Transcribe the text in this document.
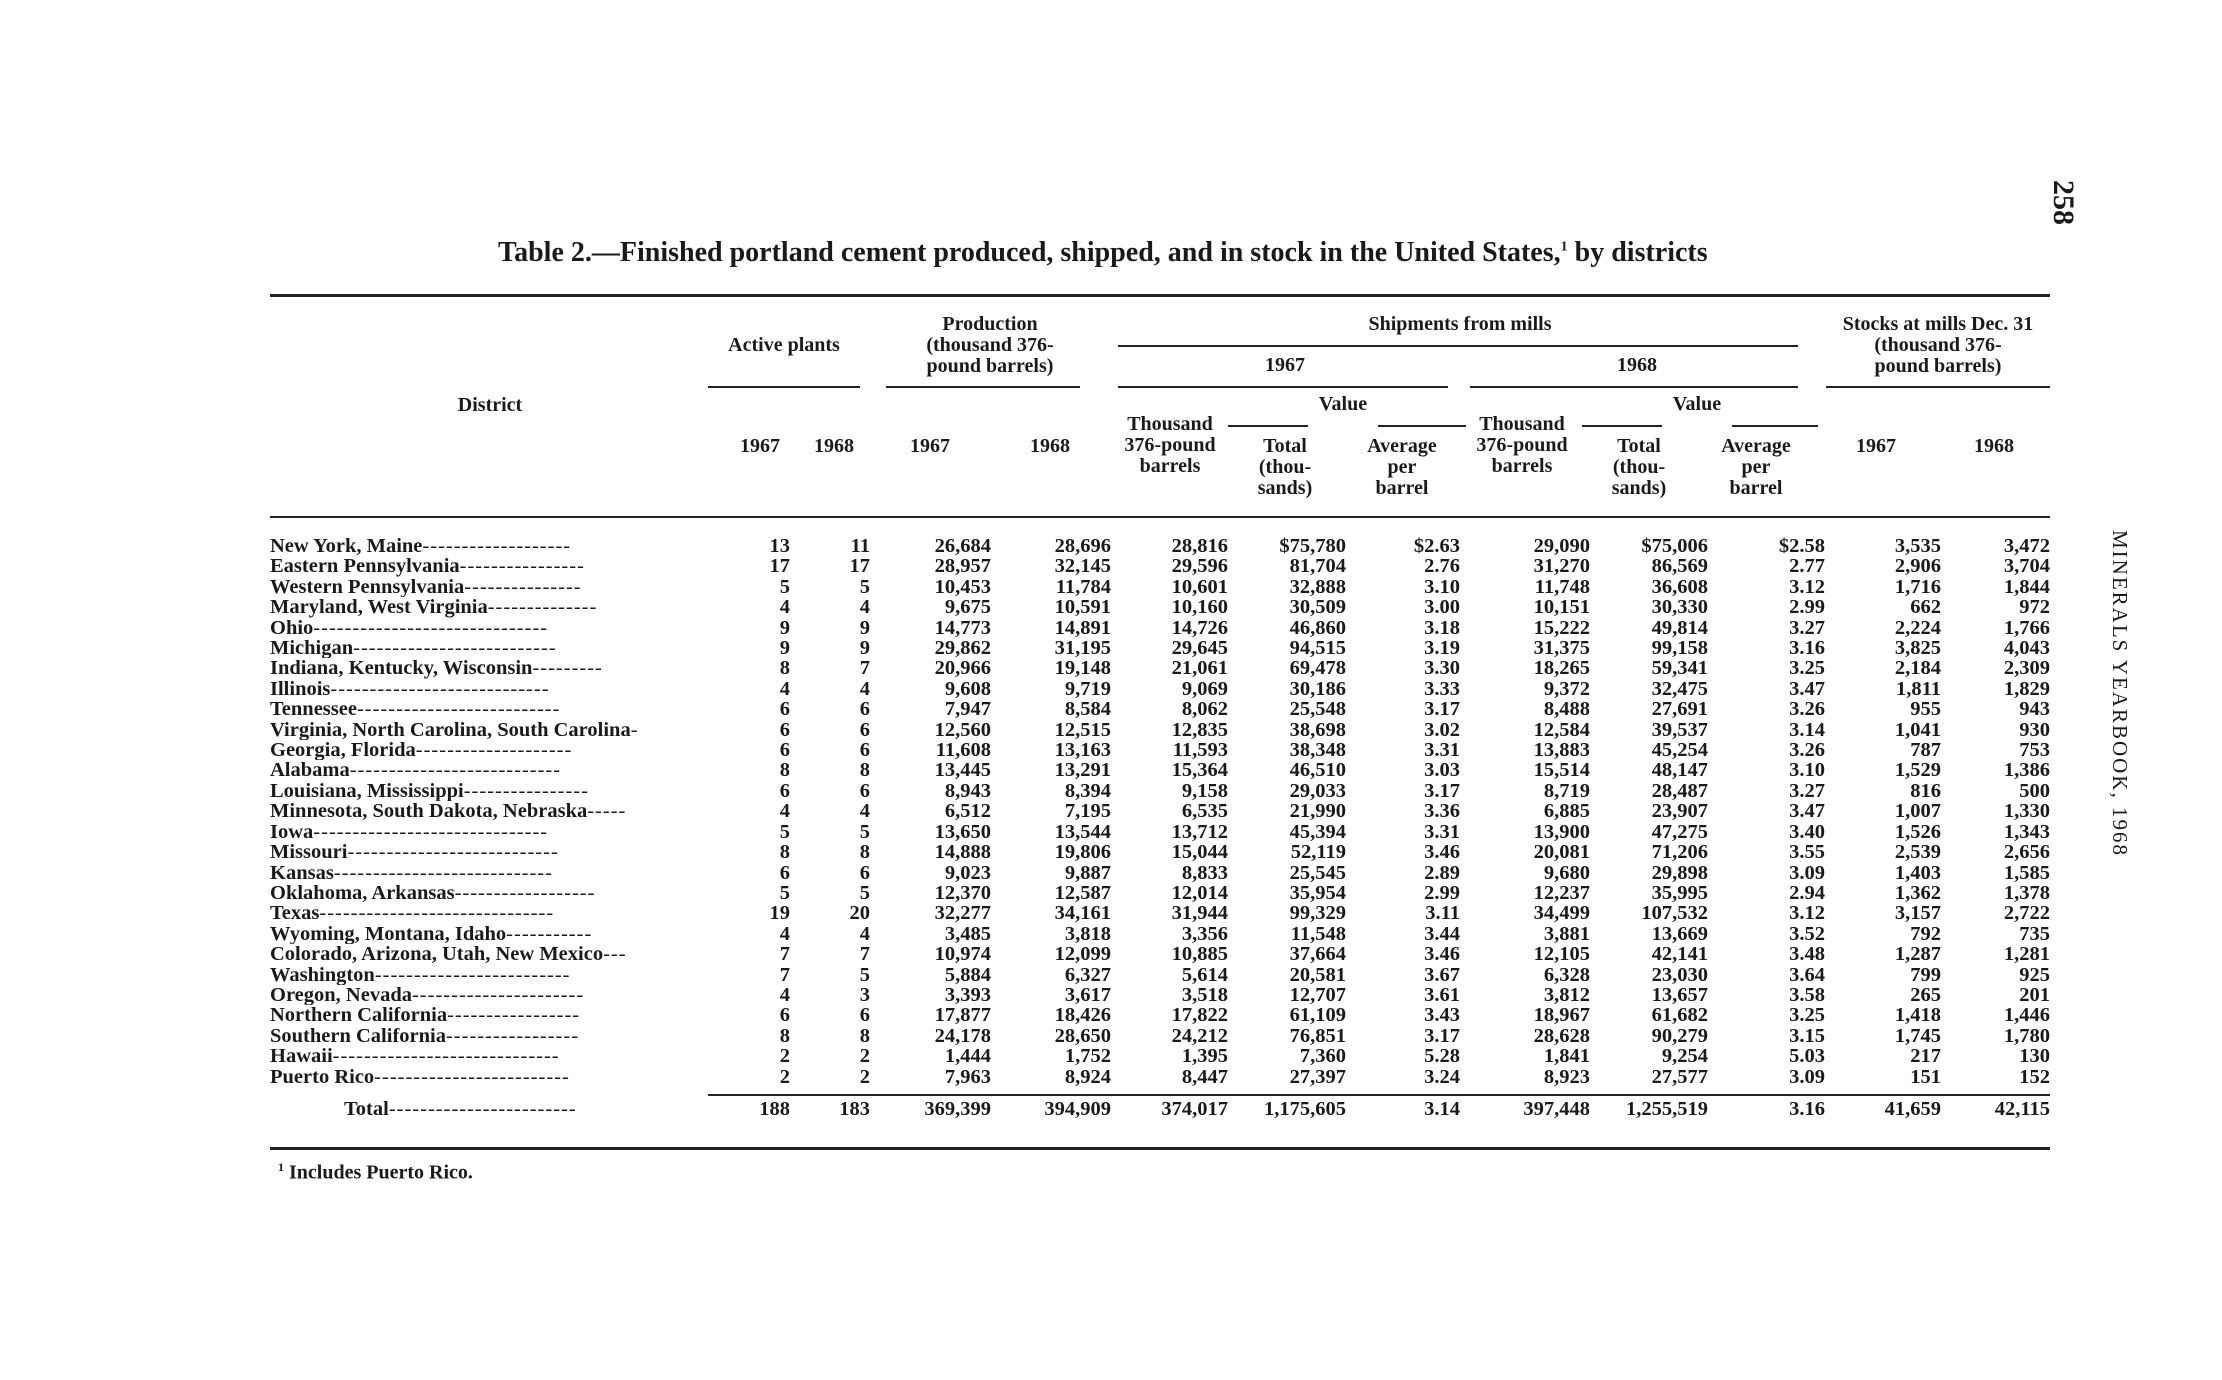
258
MINERALS YEARBOOK, 1968
Table 2.—Finished portland cement produced, shipped, and in stock in the United States,$^1$ by districts
District
Active plants
Production
(thousand 376-
pound barrels)
Shipments from mills
1967	1968
Stocks at mills Dec. 31
(thousand 376-
pound barrels)
Value	Value
1967	1968	1967	1968
Thousand
376-pound
barrels
Total
(thou-
sands)
Average
per
barrel
Thousand
376-pound
barrels
Total
(thou-
sands)
Average
per
barrel
1967	1968
New York, Maine-------------------	13	11	26,684	28,696	28,816	$75,780	$2.63	29,090	$75,006	$2.58	3,535	3,472
Eastern Pennsylvania----------------	17	17	28,957	32,145	29,596	81,704	2.76	31,270	86,569	2.77	2,906	3,704
Western Pennsylvania---------------	5	5	10,453	11,784	10,601	32,888	3.10	11,748	36,608	3.12	1,716	1,844
Maryland, West Virginia--------------	4	4	9,675	10,591	10,160	30,509	3.00	10,151	30,330	2.99	662	972
Ohio------------------------------	9	9	14,773	14,891	14,726	46,860	3.18	15,222	49,814	3.27	2,224	1,766
Michigan--------------------------	9	9	29,862	31,195	29,645	94,515	3.19	31,375	99,158	3.16	3,825	4,043
Indiana, Kentucky, Wisconsin---------	8	7	20,966	19,148	21,061	69,478	3.30	18,265	59,341	3.25	2,184	2,309
Illinois----------------------------	4	4	9,608	9,719	9,069	30,186	3.33	9,372	32,475	3.47	1,811	1,829
Tennessee--------------------------	6	6	7,947	8,584	8,062	25,548	3.17	8,488	27,691	3.26	955	943
Virginia, North Carolina, South Carolina-	6	6	12,560	12,515	12,835	38,698	3.02	12,584	39,537	3.14	1,041	930
Georgia, Florida--------------------	6	6	11,608	13,163	11,593	38,348	3.31	13,883	45,254	3.26	787	753
Alabama---------------------------	8	8	13,445	13,291	15,364	46,510	3.03	15,514	48,147	3.10	1,529	1,386
Louisiana, Mississippi----------------	6	6	8,943	8,394	9,158	29,033	3.17	8,719	28,487	3.27	816	500
Minnesota, South Dakota, Nebraska-----	4	4	6,512	7,195	6,535	21,990	3.36	6,885	23,907	3.47	1,007	1,330
Iowa------------------------------	5	5	13,650	13,544	13,712	45,394	3.31	13,900	47,275	3.40	1,526	1,343
Missouri---------------------------	8	8	14,888	19,806	15,044	52,119	3.46	20,081	71,206	3.55	2,539	2,656
Kansas----------------------------	6	6	9,023	9,887	8,833	25,545	2.89	9,680	29,898	3.09	1,403	1,585
Oklahoma, Arkansas------------------	5	5	12,370	12,587	12,014	35,954	2.99	12,237	35,995	2.94	1,362	1,378
Texas------------------------------	19	20	32,277	34,161	31,944	99,329	3.11	34,499	107,532	3.12	3,157	2,722
Wyoming, Montana, Idaho-----------	4	4	3,485	3,818	3,356	11,548	3.44	3,881	13,669	3.52	792	735
Colorado, Arizona, Utah, New Mexico---	7	7	10,974	12,099	10,885	37,664	3.46	12,105	42,141	3.48	1,287	1,281
Washington-------------------------	7	5	5,884	6,327	5,614	20,581	3.67	6,328	23,030	3.64	799	925
Oregon, Nevada----------------------	4	3	3,393	3,617	3,518	12,707	3.61	3,812	13,657	3.58	265	201
Northern California-----------------	6	6	17,877	18,426	17,822	61,109	3.43	18,967	61,682	3.25	1,418	1,446
Southern California-----------------	8	8	24,178	28,650	24,212	76,851	3.17	28,628	90,279	3.15	1,745	1,780
Hawaii-----------------------------	2	2	1,444	1,752	1,395	7,360	5.28	1,841	9,254	5.03	217	130
Puerto Rico-------------------------	2	2	7,963	8,924	8,447	27,397	3.24	8,923	27,577	3.09	151	152
Total------------------------	188	183	369,399	394,909	374,017	1,175,605	3.14	397,448	1,255,519	3.16	41,659	42,115
$^1$ Includes Puerto Rico.
